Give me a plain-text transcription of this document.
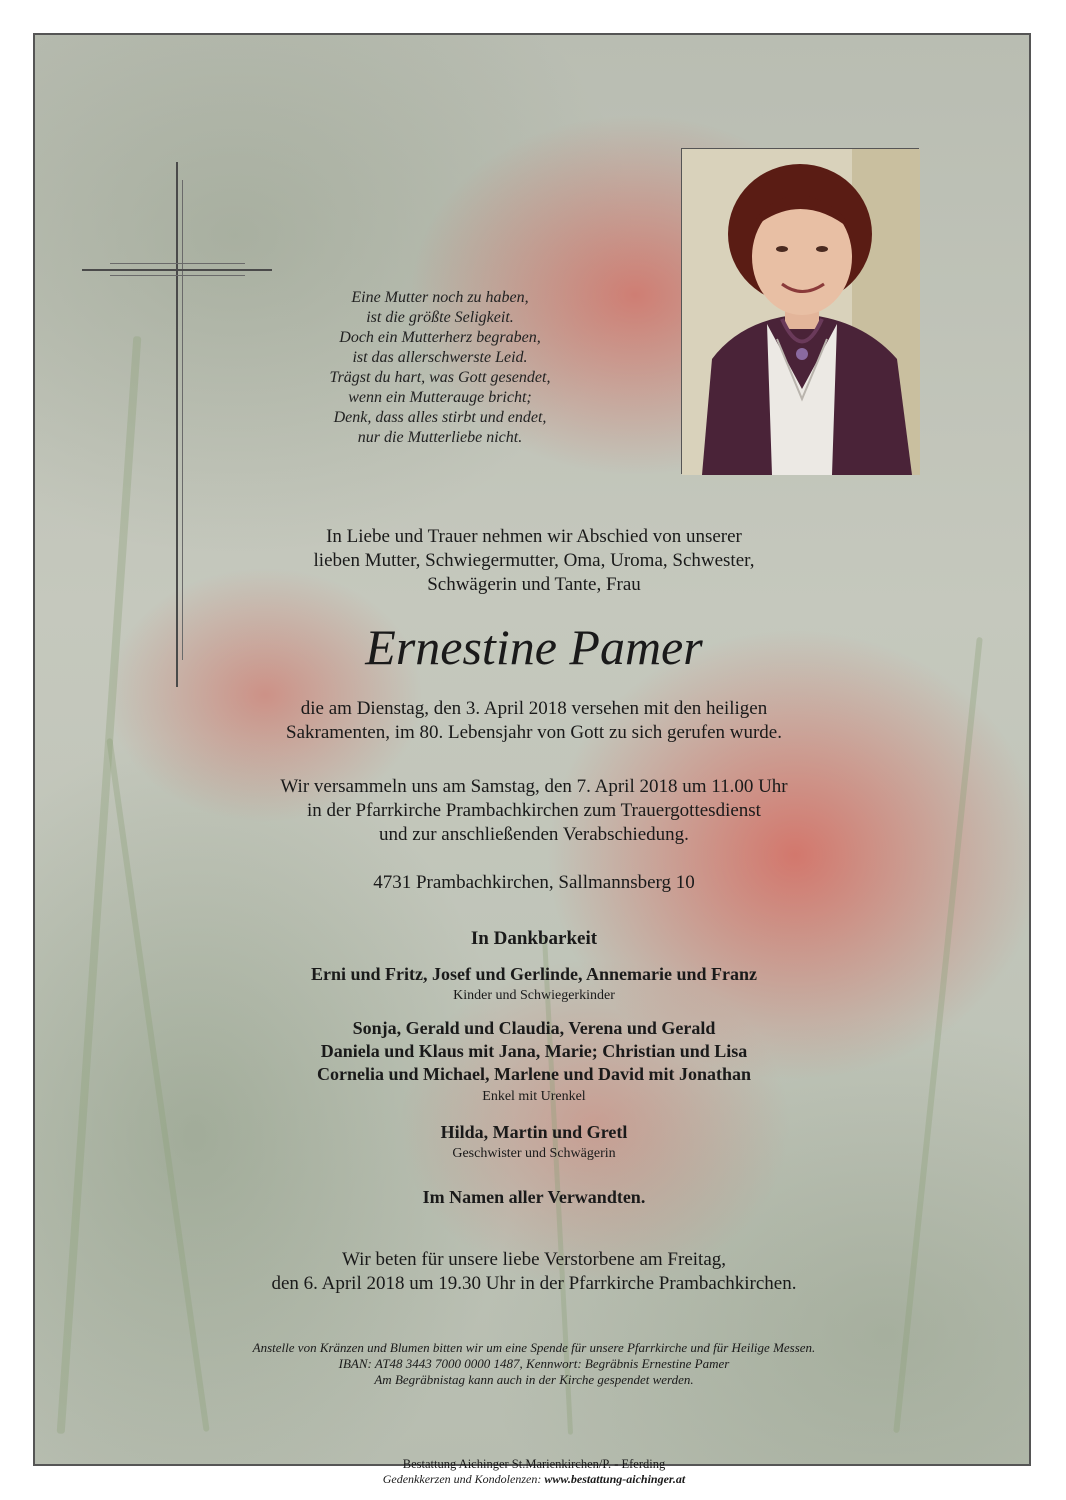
Eine Mutter noch zu haben,
ist die größte Seligkeit.
Doch ein Mutterherz begraben,
ist das allerschwerste Leid.
Trägst du hart, was Gott gesendet,
wenn ein Mutterauge bricht;
Denk, dass alles stirbt und endet,
nur die Mutterliebe nicht.
In Liebe und Trauer nehmen wir Abschied von unserer
lieben Mutter, Schwiegermutter, Oma, Uroma, Schwester,
Schwägerin und Tante, Frau
Ernestine Pamer
die am Dienstag, den 3. April 2018 versehen mit den heiligen
Sakramenten, im 80. Lebensjahr von Gott zu sich gerufen wurde.
Wir versammeln uns am Samstag, den 7. April 2018 um 11.00 Uhr
in der Pfarrkirche Prambachkirchen zum Trauergottesdienst
und zur anschließenden Verabschiedung.
4731 Prambachkirchen, Sallmannsberg 10
In Dankbarkeit
Erni und Fritz, Josef und Gerlinde, Annemarie und Franz
Kinder und Schwiegerkinder
Sonja, Gerald und Claudia, Verena und Gerald
Daniela und Klaus mit Jana, Marie; Christian und Lisa
Cornelia und Michael, Marlene und David mit Jonathan
Enkel mit Urenkel
Hilda, Martin und Gretl
Geschwister und Schwägerin
Im Namen aller Verwandten.
Wir beten für unsere liebe Verstorbene am Freitag,
den 6. April 2018 um 19.30 Uhr in der Pfarrkirche Prambachkirchen.
Anstelle von Kränzen und Blumen bitten wir um eine Spende für unsere Pfarrkirche und für Heilige Messen.
IBAN: AT48 3443 7000 0000 1487, Kennwort: Begräbnis Ernestine Pamer
Am Begräbnistag kann auch in der Kirche gespendet werden.
Bestattung Aichinger St.Marienkirchen/P. - Eferding
Gedenkkerzen und Kondolenzen: www.bestattung-aichinger.at
